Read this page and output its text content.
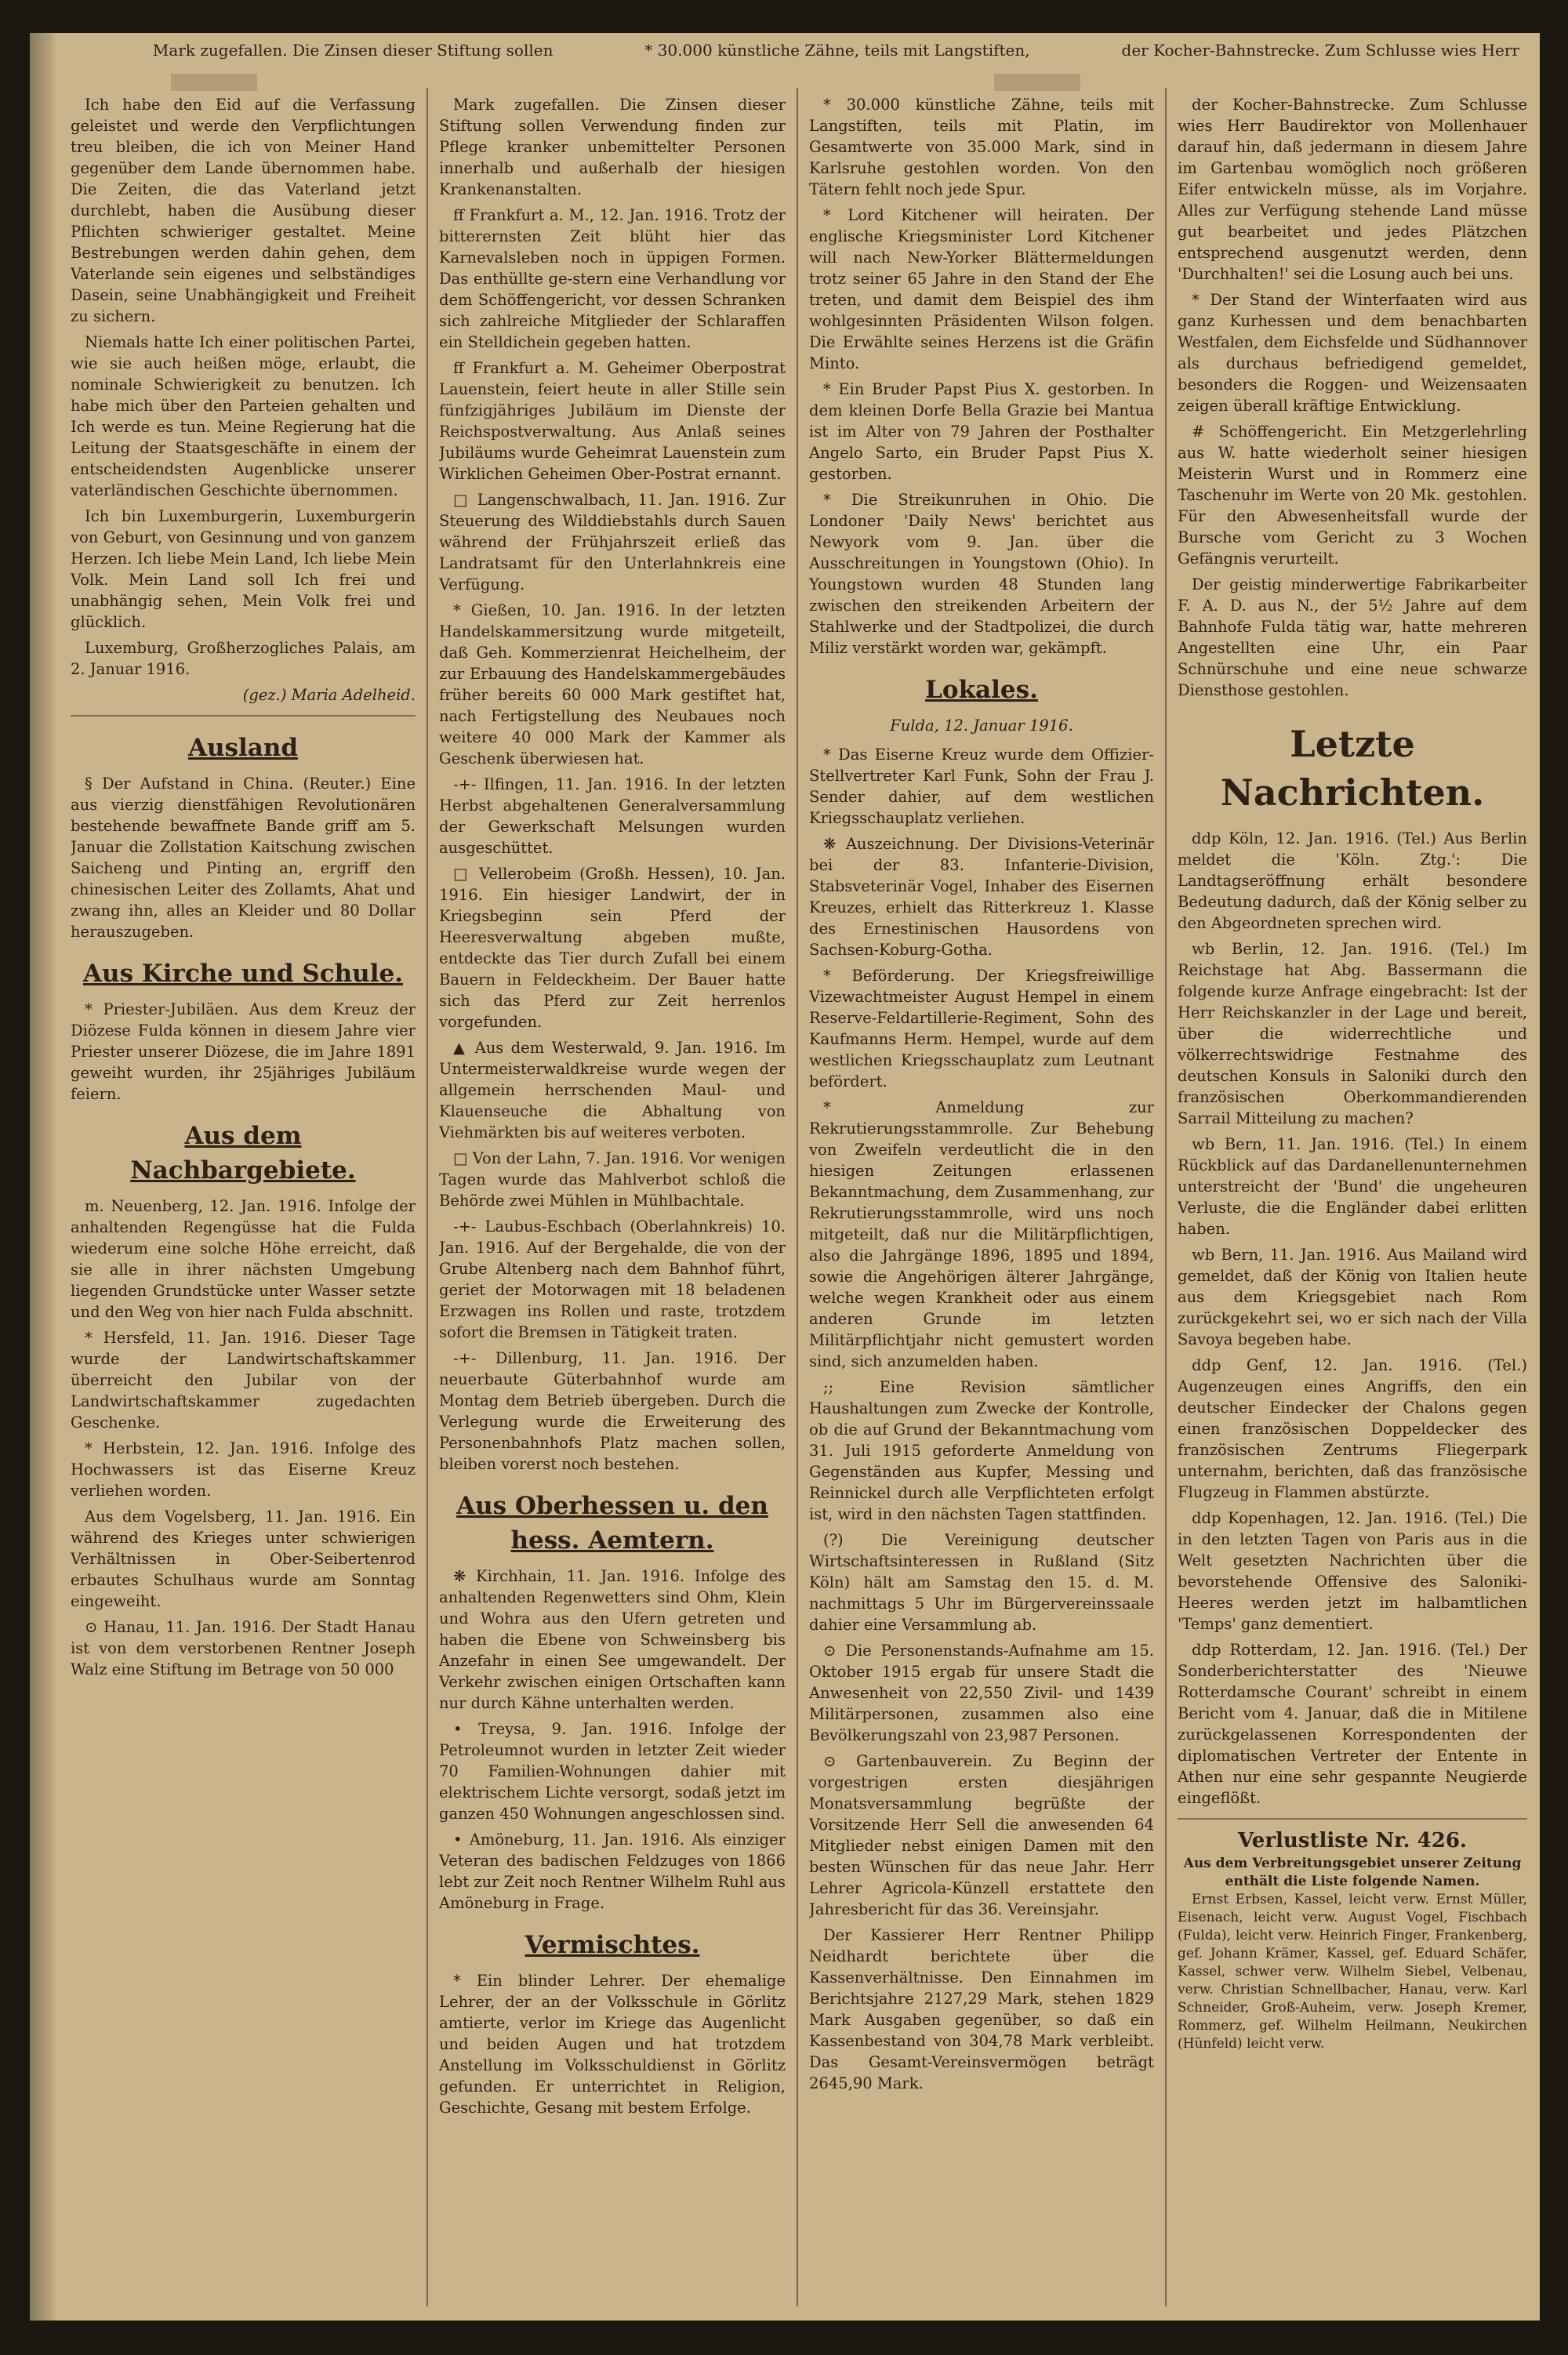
Mark zugefallen. Die Zinsen dieser Stiftung sollen	* 30.000 künstliche Zähne, teils mit Langstiften,	der Kocher-Bahnstrecke. Zum Schlusse wies Herr

Ich habe den Eid auf die Verfassung geleistet und werde den Verpflichtungen treu bleiben, die ich von Meiner Hand gegenüber dem Lande übernommen habe. Die Zeiten, die das Vaterland jetzt durchlebt, haben die Ausübung dieser Pflichten schwieriger gestaltet. Meine Bestrebungen werden dahin gehen, dem Vaterlande sein eigenes und selbständiges Dasein, seine Unabhängigkeit und Freiheit zu sichern.

Niemals hatte Ich einer politischen Partei, wie sie auch heißen möge, erlaubt, die nominale Schwierigkeit zu benutzen. Ich habe mich über den Parteien gehalten und Ich werde es tun. Meine Regierung hat die Leitung der Staatsgeschäfte in einem der entscheidendsten Augenblicke unserer vaterländischen Geschichte übernommen.

Ich bin Luxemburgerin, Luxemburgerin von Geburt, von Gesinnung und von ganzem Herzen. Ich liebe Mein Land, Ich liebe Mein Volk. Mein Land soll Ich frei und unabhängig sehen, Mein Volk frei und glücklich.

Luxemburg, Großherzogliches Palais, am 2. Januar 1916.

(gez.) Maria Adelheid.
Ausland

§ Der Aufstand in China. (Reuter.) Eine aus vierzig dienstfähigen Revolutionären bestehende bewaffnete Bande griff am 5. Januar die Zollstation Kaitschung zwischen Saicheng und Pinting an, ergriff den chinesischen Leiter des Zollamts, Ahat und zwang ihn, alles an Kleider und 80 Dollar herauszugeben.

Aus Kirche und Schule.

* Priester-Jubiläen. Aus dem Kreuz der Diözese Fulda können in diesem Jahre vier Priester unserer Diözese, die im Jahre 1891 geweiht wurden, ihr 25jähriges Jubiläum feiern.

Aus dem Nachbargebiete.

m. Neuenberg, 12. Jan. 1916. Infolge der anhaltenden Regengüsse hat die Fulda wiederum eine solche Höhe erreicht, daß sie alle in ihrer nächsten Umgebung liegenden Grundstücke unter Wasser setzte und den Weg von hier nach Fulda abschnitt.

* Hersfeld, 11. Jan. 1916. Dieser Tage wurde der Landwirtschaftskammer überreicht den Jubilar von der Landwirtschaftskammer zugedachten Geschenke.

* Herbstein, 12. Jan. 1916. Infolge des Hochwassers ist das Eiserne Kreuz verliehen worden.

Aus dem Vogelsberg, 11. Jan. 1916. Ein während des Krieges unter schwierigen Verhältnissen in Ober-Seibertenrod erbautes Schulhaus wurde am Sonntag eingeweiht.

⊙ Hanau, 11. Jan. 1916. Der Stadt Hanau ist von dem verstorbenen Rentner Joseph Walz eine Stiftung im Betrage von 50 000

Mark zugefallen. Die Zinsen dieser Stiftung sollen Verwendung finden zur Pflege kranker unbemittelter Personen innerhalb und außerhalb der hiesigen Krankenanstalten.

ff Frankfurt a. M., 12. Jan. 1916. Trotz der bitterernsten Zeit blüht hier das Karnevalsleben noch in üppigen Formen. Das enthüllte ge-stern eine Verhandlung vor dem Schöffengericht, vor dessen Schranken sich zahlreiche Mitglieder der Schlaraffen ein Stelldichein gegeben hatten.

ff Frankfurt a. M. Geheimer Oberpostrat Lauenstein, feiert heute in aller Stille sein fünfzigjähriges Jubiläum im Dienste der Reichspostverwaltung. Aus Anlaß seines Jubiläums wurde Geheimrat Lauenstein zum Wirklichen Geheimen Ober-Postrat ernannt.

□ Langenschwalbach, 11. Jan. 1916. Zur Steuerung des Wilddiebstahls durch Sauen während der Frühjahrszeit erließ das Landratsamt für den Unterlahnkreis eine Verfügung.

* Gießen, 10. Jan. 1916. In der letzten Handelskammersitzung wurde mitgeteilt, daß Geh. Kommerzienrat Heichelheim, der zur Erbauung des Handelskammergebäudes früher bereits 60 000 Mark gestiftet hat, nach Fertigstellung des Neubaues noch weitere 40 000 Mark der Kammer als Geschenk überwiesen hat.

-+- Ilfingen, 11. Jan. 1916. In der letzten Herbst abgehaltenen Generalversammlung der Gewerkschaft Melsungen wurden ausgeschüttet.

□ Vellerobeim (Großh. Hessen), 10. Jan. 1916. Ein hiesiger Landwirt, der in Kriegsbeginn sein Pferd der Heeresverwaltung abgeben mußte, entdeckte das Tier durch Zufall bei einem Bauern in Feldeckheim. Der Bauer hatte sich das Pferd zur Zeit herrenlos vorgefunden.

▲ Aus dem Westerwald, 9. Jan. 1916. Im Untermeisterwaldkreise wurde wegen der allgemein herrschenden Maul- und Klauenseuche die Abhaltung von Viehmärkten bis auf weiteres verboten.

□ Von der Lahn, 7. Jan. 1916. Vor wenigen Tagen wurde das Mahlverbot schloß die Behörde zwei Mühlen in Mühlbachtale.

-+- Laubus-Eschbach (Oberlahnkreis) 10. Jan. 1916. Auf der Bergehalde, die von der Grube Altenberg nach dem Bahnhof führt, geriet der Motorwagen mit 18 beladenen Erzwagen ins Rollen und raste, trotzdem sofort die Bremsen in Tätigkeit traten.

-+- Dillenburg, 11. Jan. 1916. Der neuerbaute Güterbahnhof wurde am Montag dem Betrieb übergeben. Durch die Verlegung wurde die Erweiterung des Personenbahnhofs Platz machen sollen, bleiben vorerst noch bestehen.

Aus Oberhessen u. den hess. Aemtern.

❋ Kirchhain, 11. Jan. 1916. Infolge des anhaltenden Regenwetters sind Ohm, Klein und Wohra aus den Ufern getreten und haben die Ebene von Schweinsberg bis Anzefahr in einen See umgewandelt. Der Verkehr zwischen einigen Ortschaften kann nur durch Kähne unterhalten werden.

• Treysa, 9. Jan. 1916. Infolge der Petroleumnot wurden in letzter Zeit wieder 70 Familien-Wohnungen dahier mit elektrischem Lichte versorgt, sodaß jetzt im ganzen 450 Wohnungen angeschlossen sind.

• Amöneburg, 11. Jan. 1916. Als einziger Veteran des badischen Feldzuges von 1866 lebt zur Zeit noch Rentner Wilhelm Ruhl aus Amöneburg in Frage.

Vermischtes.

* Ein blinder Lehrer. Der ehemalige Lehrer, der an der Volksschule in Görlitz amtierte, verlor im Kriege das Augenlicht und beiden Augen und hat trotzdem Anstellung im Volksschuldienst in Görlitz gefunden. Er unterrichtet in Religion, Geschichte, Gesang mit bestem Erfolge.

* 30.000 künstliche Zähne, teils mit Langstiften, teils mit Platin, im Gesamtwerte von 35.000 Mark, sind in Karlsruhe gestohlen worden. Von den Tätern fehlt noch jede Spur.

* Lord Kitchener will heiraten. Der englische Kriegsminister Lord Kitchener will nach New-Yorker Blättermeldungen trotz seiner 65 Jahre in den Stand der Ehe treten, und damit dem Beispiel des ihm wohlgesinnten Präsidenten Wilson folgen. Die Erwählte seines Herzens ist die Gräfin Minto.

* Ein Bruder Papst Pius X. gestorben. In dem kleinen Dorfe Bella Grazie bei Mantua ist im Alter von 79 Jahren der Posthalter Angelo Sarto, ein Bruder Papst Pius X. gestorben.

* Die Streikunruhen in Ohio. Die Londoner 'Daily News' berichtet aus Newyork vom 9. Jan. über die Ausschreitungen in Youngstown (Ohio). In Youngstown wurden 48 Stunden lang zwischen den streikenden Arbeitern der Stahlwerke und der Stadtpolizei, die durch Miliz verstärkt worden war, gekämpft.

Lokales.
Fulda, 12. Januar 1916.

* Das Eiserne Kreuz wurde dem Offizier-Stellvertreter Karl Funk, Sohn der Frau J. Sender dahier, auf dem westlichen Kriegsschauplatz verliehen.

❋ Auszeichnung. Der Divisions-Veterinär bei der 83. Infanterie-Division, Stabsveterinär Vogel, Inhaber des Eisernen Kreuzes, erhielt das Ritterkreuz 1. Klasse des Ernestinischen Hausordens von Sachsen-Koburg-Gotha.

* Beförderung. Der Kriegsfreiwillige Vizewachtmeister August Hempel in einem Reserve-Feldartillerie-Regiment, Sohn des Kaufmanns Herm. Hempel, wurde auf dem westlichen Kriegsschauplatz zum Leutnant befördert.

* Anmeldung zur Rekrutierungsstammrolle. Zur Behebung von Zweifeln verdeutlicht die in den hiesigen Zeitungen erlassenen Bekanntmachung, dem Zusammenhang, zur Rekrutierungsstammrolle, wird uns noch mitgeteilt, daß nur die Militärpflichtigen, also die Jahrgänge 1896, 1895 und 1894, sowie die Angehörigen älterer Jahrgänge, welche wegen Krankheit oder aus einem anderen Grunde im letzten Militärpflichtjahr nicht gemustert worden sind, sich anzumelden haben.

;; Eine Revision sämtlicher Haushaltungen zum Zwecke der Kontrolle, ob die auf Grund der Bekanntmachung vom 31. Juli 1915 geforderte Anmeldung von Gegenständen aus Kupfer, Messing und Reinnickel durch alle Verpflichteten erfolgt ist, wird in den nächsten Tagen stattfinden.

(?) Die Vereinigung deutscher Wirtschaftsinteressen in Rußland (Sitz Köln) hält am Samstag den 15. d. M. nachmittags 5 Uhr im Bürgervereinssaale dahier eine Versammlung ab.

⊙ Die Personenstands-Aufnahme am 15. Oktober 1915 ergab für unsere Stadt die Anwesenheit von 22,550 Zivil- und 1439 Militärpersonen, zusammen also eine Bevölkerungszahl von 23,987 Personen.

⊙ Gartenbauverein. Zu Beginn der vorgestrigen ersten diesjährigen Monatsversammlung begrüßte der Vorsitzende Herr Sell die anwesenden 64 Mitglieder nebst einigen Damen mit den besten Wünschen für das neue Jahr. Herr Lehrer Agricola-Künzell erstattete den Jahresbericht für das 36. Vereinsjahr.

Der Kassierer Herr Rentner Philipp Neidhardt berichtete über die Kassenverhältnisse. Den Einnahmen im Berichtsjahre 2127,29 Mark, stehen 1829 Mark Ausgaben gegenüber, so daß ein Kassenbestand von 304,78 Mark verbleibt. Das Gesamt-Vereinsvermögen beträgt 2645,90 Mark.

der Kocher-Bahnstrecke. Zum Schlusse wies Herr Baudirektor von Mollenhauer darauf hin, daß jedermann in diesem Jahre im Gartenbau womöglich noch größeren Eifer entwickeln müsse, als im Vorjahre. Alles zur Verfügung stehende Land müsse gut bearbeitet und jedes Plätzchen entsprechend ausgenutzt werden, denn 'Durchhalten!' sei die Losung auch bei uns.

* Der Stand der Winterfaaten wird aus ganz Kurhessen und dem benachbarten Westfalen, dem Eichsfelde und Südhannover als durchaus befriedigend gemeldet, besonders die Roggen- und Weizensaaten zeigen überall kräftige Entwicklung.

# Schöffengericht. Ein Metzgerlehrling aus W. hatte wiederholt seiner hiesigen Meisterin Wurst und in Rommerz eine Taschenuhr im Werte von 20 Mk. gestohlen. Für den Abwesenheitsfall wurde der Bursche vom Gericht zu 3 Wochen Gefängnis verurteilt.

Der geistig minderwertige Fabrikarbeiter F. A. D. aus N., der 5½ Jahre auf dem Bahnhofe Fulda tätig war, hatte mehreren Angestellten eine Uhr, ein Paar Schnürschuhe und eine neue schwarze Diensthose gestohlen.

Letzte Nachrichten.

ddp Köln, 12. Jan. 1916. (Tel.) Aus Berlin meldet die 'Köln. Ztg.': Die Landtagseröffnung erhält besondere Bedeutung dadurch, daß der König selber zu den Abgeordneten sprechen wird.

wb Berlin, 12. Jan. 1916. (Tel.) Im Reichstage hat Abg. Bassermann die folgende kurze Anfrage eingebracht: Ist der Herr Reichskanzler in der Lage und bereit, über die widerrechtliche und völkerrechtswidrige Festnahme des deutschen Konsuls in Saloniki durch den französischen Oberkommandierenden Sarrail Mitteilung zu machen?

wb Bern, 11. Jan. 1916. (Tel.) In einem Rückblick auf das Dardanellenunternehmen unterstreicht der 'Bund' die ungeheuren Verluste, die die Engländer dabei erlitten haben.

wb Bern, 11. Jan. 1916. Aus Mailand wird gemeldet, daß der König von Italien heute aus dem Kriegsgebiet nach Rom zurückgekehrt sei, wo er sich nach der Villa Savoya begeben habe.

ddp Genf, 12. Jan. 1916. (Tel.) Augenzeugen eines Angriffs, den ein deutscher Eindecker der Chalons gegen einen französischen Doppeldecker des französischen Zentrums Fliegerpark unternahm, berichten, daß das französische Flugzeug in Flammen abstürzte.

ddp Kopenhagen, 12. Jan. 1916. (Tel.) Die in den letzten Tagen von Paris aus in die Welt gesetzten Nachrichten über die bevorstehende Offensive des Saloniki-Heeres werden jetzt im halbamtlichen 'Temps' ganz dementiert.

ddp Rotterdam, 12. Jan. 1916. (Tel.) Der Sonderberichterstatter des 'Nieuwe Rotterdamsche Courant' schreibt in einem Bericht vom 4. Januar, daß die in Mitilene zurückgelassenen Korrespondenten der diplomatischen Vertreter der Entente in Athen nur eine sehr gespannte Neugierde eingeflößt.

Verlustliste Nr. 426.
Aus dem Verbreitungsgebiet unserer Zeitung enthält die Liste folgende Namen.

Ernst Erbsen, Kassel, leicht verw. Ernst Müller, Eisenach, leicht verw. August Vogel, Fischbach (Fulda), leicht verw. Heinrich Finger, Frankenberg, gef. Johann Krämer, Kassel, gef. Eduard Schäfer, Kassel, schwer verw. Wilhelm Siebel, Velbenau, verw. Christian Schnellbacher, Hanau, verw. Karl Schneider, Groß-Auheim, verw. Joseph Kremer, Rommerz, gef. Wilhelm Heilmann, Neukirchen (Hünfeld) leicht verw.
